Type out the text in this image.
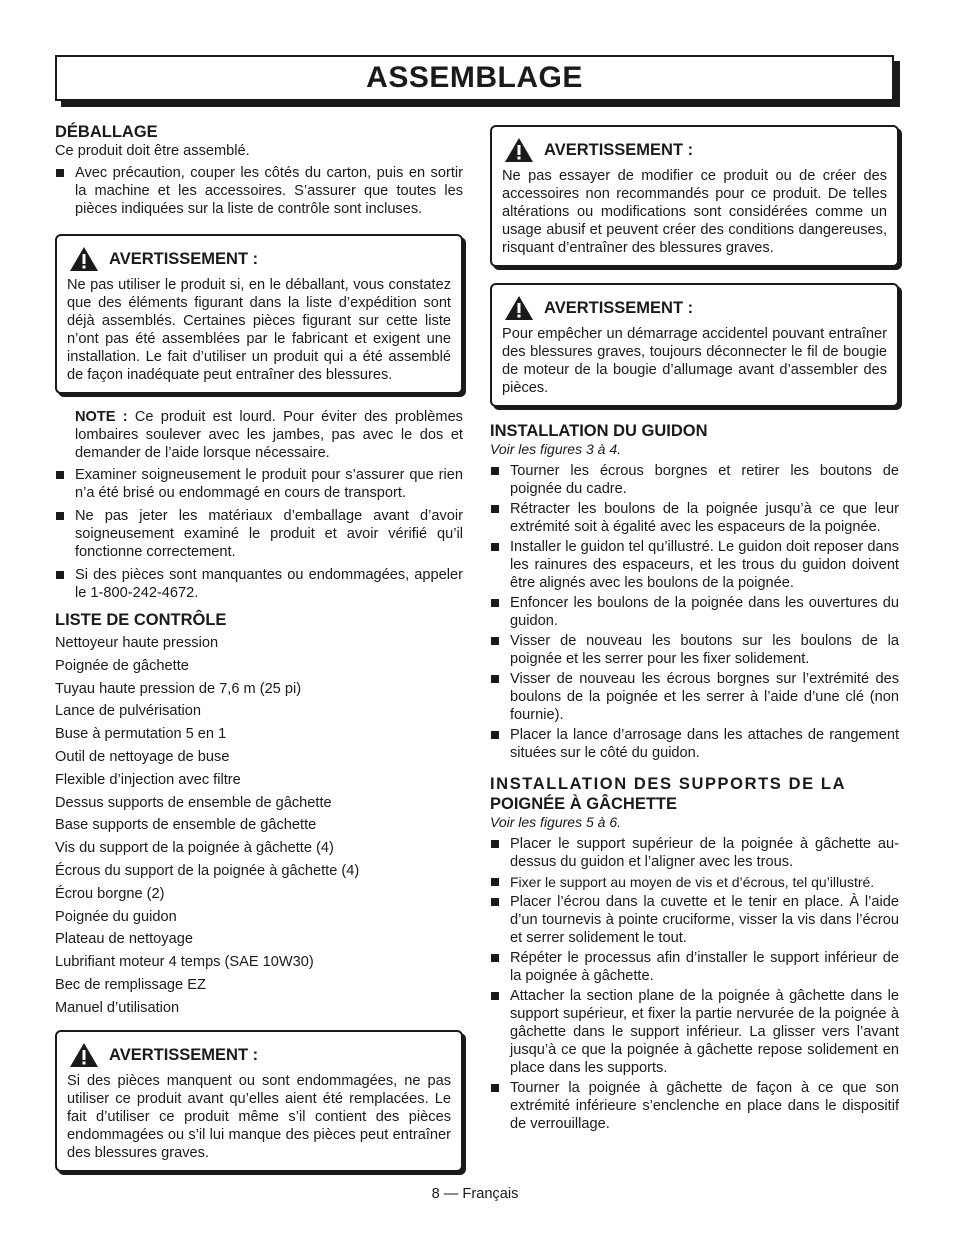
ASSEMBLAGE
DÉBALLAGE

Ce produit doit être assemblé.

Avec précaution, couper les côtés du carton, puis en sortir la machine et les accessoires. S’assurer que toutes les pièces indiquées sur la liste de contrôle sont incluses.

AVERTISSEMENT :

Ne pas utiliser le produit si, en le déballant, vous constatez que des éléments figurant dans la liste d’expédition sont déjà assemblés. Certaines pièces figurant sur cette liste n’ont pas été assemblées par le fabricant et exigent une installation. Le fait d’utiliser un produit qui a été assemblé de façon inadéquate peut entraîner des blessures.

NOTE : Ce produit est lourd. Pour éviter des problèmes lombaires soulever avec les jambes, pas avec le dos et demander de l’aide lorsque nécessaire.

Examiner soigneusement le produit pour s’assurer que rien n’a été brisé ou endommagé en cours de transport.

Ne pas jeter les matériaux d’emballage avant d’avoir soigneusement examiné le produit et avoir vérifié qu’il fonctionne correctement.

Si des pièces sont manquantes ou endommagées, appeler le 1-800-242-4672.

LISTE DE CONTRÔLE
Nettoyeur haute pression
Poignée de gâchette
Tuyau haute pression de 7,6 m (25 pi)
Lance de pulvérisation
Buse à permutation 5 en 1
Outil de nettoyage de buse
Flexible d’injection avec filtre
Dessus supports de ensemble de gâchette
Base supports de ensemble de gâchette
Vis du support de la poignée à gâchette (4)
Écrous du support de la poignée à gâchette (4)
Écrou borgne (2)
Poignée du guidon
Plateau de nettoyage
Lubrifiant moteur 4 temps (SAE 10W30)
Bec de remplissage EZ
Manuel d’utilisation
AVERTISSEMENT :

Si des pièces manquent ou sont endommagées, ne pas utiliser ce produit avant qu’elles aient été remplacées. Le fait d’utiliser ce produit même s’il contient des pièces endommagées ou s’il lui manque des pièces peut entraîner des blessures graves.

AVERTISSEMENT :

Ne pas essayer de modifier ce produit ou de créer des accessoires non recommandés pour ce produit. De telles altérations ou modifications sont considérées comme un usage abusif et peuvent créer des conditions dangereuses, risquant d’entraîner des blessures graves.

AVERTISSEMENT :

Pour empêcher un démarrage accidentel pouvant entraîner des blessures graves, toujours déconnecter le fil de bougie de moteur de la bougie d’allumage avant d’assembler des pièces.

INSTALLATION DU GUIDON
Voir les figures 3 à 4.

Tourner les écrous borgnes et retirer les boutons de poignée du cadre.

Rétracter les boulons de la poignée jusqu’à ce que leur extrémité soit à égalité avec les espaceurs de la poignée.

Installer le guidon tel qu’illustré. Le guidon doit reposer dans les rainures des espaceurs, et les trous du guidon doivent être alignés avec les boulons de la poignée.

Enfoncer les boulons de la poignée dans les ouvertures du guidon.

Visser de nouveau les boutons sur les boulons de la poignée et les serrer pour les fixer solidement.

Visser de nouveau les écrous borgnes sur l’extrémité des boulons de la poignée et les serrer à l’aide d’une clé (non fournie).

Placer la lance d’arrosage dans les attaches de rangement situées sur le côté du guidon.

INSTALLATION DES SUPPORTS DE LA
POIGNÉE À GÂCHETTE
Voir les figures 5 à 6.

Placer le support supérieur de la poignée à gâchette au-dessus du guidon et l’aligner avec les trous.

Fixer le support au moyen de vis et d’écrous, tel qu’illustré.

Placer l’écrou dans la cuvette et le tenir en place. À l’aide d’un tournevis à pointe cruciforme, visser la vis dans l’écrou et serrer solidement le tout.

Répéter le processus afin d’installer le support inférieur de la poignée à gâchette.

Attacher la section plane de la poignée à gâchette dans le support supérieur, et fixer la partie nervurée de la poignée à gâchette dans le support inférieur. La glisser vers l’avant jusqu’à ce que la poignée à gâchette repose solidement en place dans les supports.

Tourner la poignée à gâchette de façon à ce que son extrémité inférieure s’enclenche en place dans le dispositif de verrouillage.

8 — Français
